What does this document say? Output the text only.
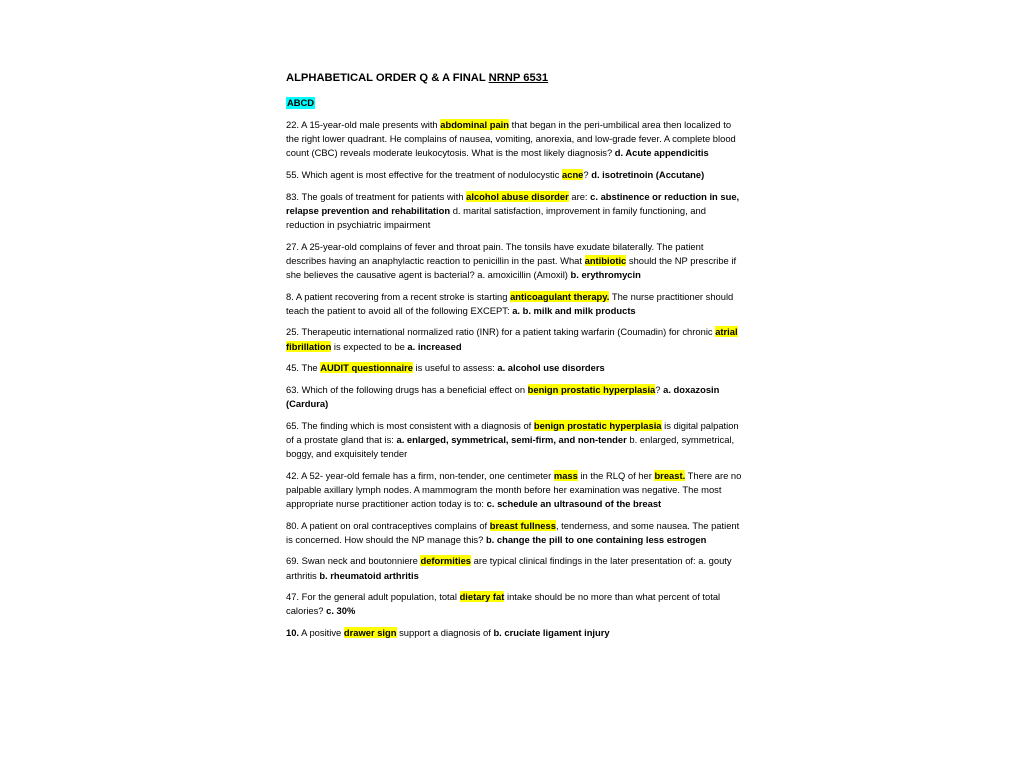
ALPHABETICAL ORDER Q & A FINAL NRNP 6531
ABCD

22. A 15-year-old male presents with abdominal pain that began in the peri-umbilical area then localized to the right lower quadrant. He complains of nausea, vomiting, anorexia, and low-grade fever. A complete blood count (CBC) reveals moderate leukocytosis. What is the most likely diagnosis? d. Acute appendicitis

55. Which agent is most effective for the treatment of nodulocystic acne? d. isotretinoin (Accutane)

83. The goals of treatment for patients with alcohol abuse disorder are: c. abstinence or reduction in sue, relapse prevention and rehabilitation d. marital satisfaction, improvement in family functioning, and reduction in psychiatric impairment

27. A 25-year-old complains of fever and throat pain. The tonsils have exudate bilaterally. The patient describes having an anaphylactic reaction to penicillin in the past. What antibiotic should the NP prescribe if she believes the causative agent is bacterial? a. amoxicillin (Amoxil) b. erythromycin

8. A patient recovering from a recent stroke is starting anticoagulant therapy. The nurse practitioner should teach the patient to avoid all of the following EXCEPT: a. b. milk and milk products

25. Therapeutic international normalized ratio (INR) for a patient taking warfarin (Coumadin) for chronic atrial fibrillation is expected to be a. increased

45. The AUDIT questionnaire is useful to assess: a. alcohol use disorders

63. Which of the following drugs has a beneficial effect on benign prostatic hyperplasia? a. doxazosin (Cardura)

65. The finding which is most consistent with a diagnosis of benign prostatic hyperplasia is digital palpation of a prostate gland that is: a. enlarged, symmetrical, semi-firm, and non-tender b. enlarged, symmetrical, boggy, and exquisitely tender

42. A 52- year-old female has a firm, non-tender, one centimeter mass in the RLQ of her breast. There are no palpable axillary lymph nodes. A mammogram the month before her examination was negative. The most appropriate nurse practitioner action today is to: c. schedule an ultrasound of the breast

80. A patient on oral contraceptives complains of breast fullness, tenderness, and some nausea. The patient is concerned. How should the NP manage this? b. change the pill to one containing less estrogen

69. Swan neck and boutonniere deformities are typical clinical findings in the later presentation of: a. gouty arthritis b. rheumatoid arthritis

47. For the general adult population, total dietary fat intake should be no more than what percent of total calories? c. 30%

10. A positive drawer sign support a diagnosis of b. cruciate ligament injury
